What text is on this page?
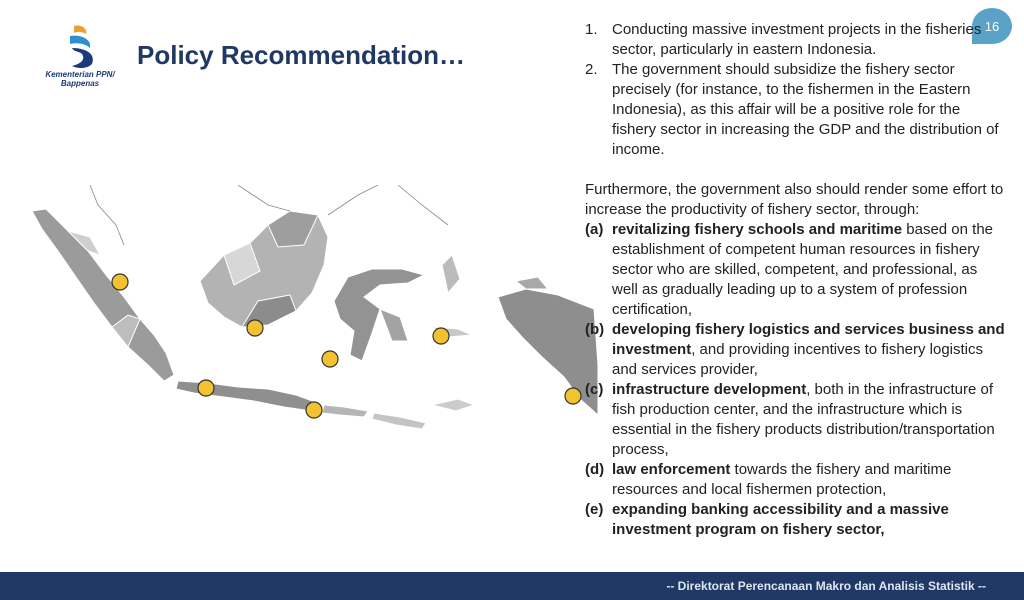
Kementerian PPN/
Bappenas
Policy Recommendation…
16
1. Conducting massive investment projects in the fisheries sector, particularly in eastern Indonesia.
2. The government should subsidize the fishery sector precisely (for instance, to the fishermen in the Eastern Indonesia), as this affair will be a positive role for the fishery sector in increasing the GDP and the distribution of income.
Furthermore, the government also should render some effort to increase the productivity of fishery sector, through:
(a) revitalizing fishery schools and maritime based on the establishment of competent human resources in fishery sector who are skilled, competent, and professional, as well as gradually leading up to a system of profession certification,
(b) developing fishery logistics and services business and investment, and providing incentives to fishery logistics and services provider,
(c) infrastructure development, both in the infrastructure of fish production center, and the infrastructure which is essential in the fishery products distribution/transportation process,
(d) law enforcement towards the fishery and maritime resources and local fishermen protection,
(e) expanding banking accessibility and a massive investment program on fishery sector,
-- Direktorat Perencanaan Makro dan Analisis Statistik --
